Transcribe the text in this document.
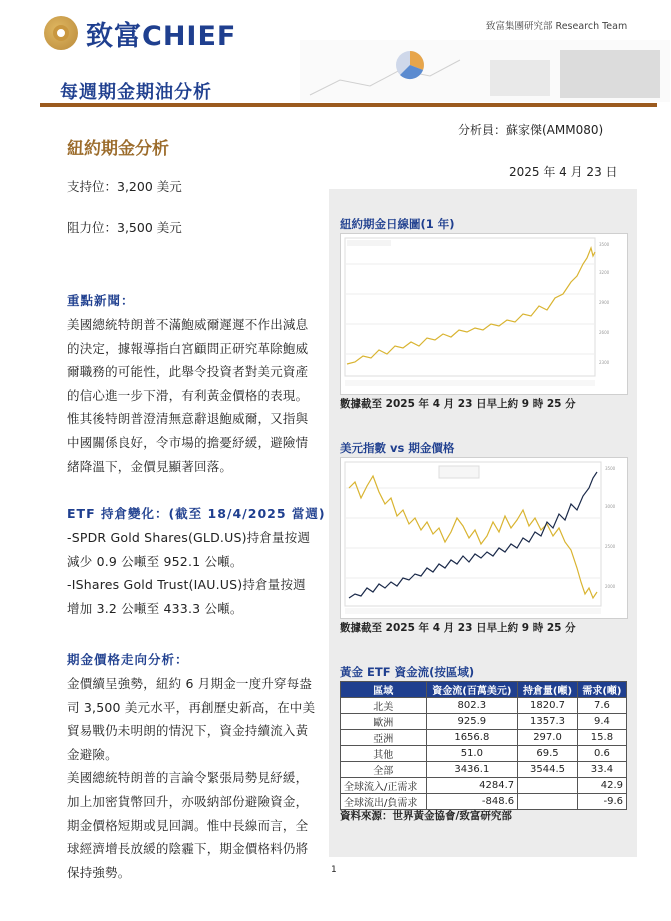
致富CHIEF	致富集團研究部 Research Team
每週期金期油分析
紐約期金分析
分析員：蘇家傑(AMM080)
2025 年 4 月 23 日
支持位：3,200 美元
阻力位：3,500 美元
重點新聞：
美國總統特朗普不滿鮑威爾遲遲不作出減息
的決定，據報導指白宮顧問正研究革除鮑威
爾職務的可能性，此舉令投資者對美元資產
的信心進一步下滑，有利黃金價格的表現。
惟其後特朗普澄清無意辭退鮑威爾，又指與
中國關係良好，令市場的擔憂紓緩，避險情
緒降溫下，金價見顯著回落。
ETF 持倉變化：(截至 18/4/2025 當週)
-SPDR Gold Shares(GLD.US)持倉量按週
減少 0.9 公噸至 952.1 公噸。
-IShares Gold Trust(IAU.US)持倉量按週
增加 3.2 公噸至 433.3 公噸。
期金價格走向分析：
金價續呈強勢，紐約 6 月期金一度升穿每盎
司 3,500 美元水平，再創歷史新高，在中美
貿易戰仍未明朗的情況下，資金持續流入黃
金避險。
美國總統特朗普的言論令緊張局勢見紓緩，
加上加密貨幣回升，亦吸納部份避險資金，
期金價格短期或見回調。惟中長線而言，全
球經濟增長放緩的陰霾下，期金價格料仍將
保持強勢。
紐約期金日線圖(1 年)
3500
3200
2900
2600
2300
數據截至 2025 年 4 月 23 日早上約 9 時 25 分
美元指數 vs 期金價格
3500
3000
2500
2000
數據截至 2025 年 4 月 23 日早上約 9 時 25 分
黃金 ETF 資金流(按區域)
區域	資金流(百萬美元)	持倉量(噸)	需求(噸)
北美	802.3	1820.7	7.6
歐洲	925.9	1357.3	9.4
亞洲	1656.8	297.0	15.8
其他	51.0	69.5	0.6
全部	3436.1	3544.5	33.4
全球流入/正需求	4284.7		42.9
全球流出/負需求	-848.6		-9.6
資料來源：世界黃金協會/致富研究部
1
